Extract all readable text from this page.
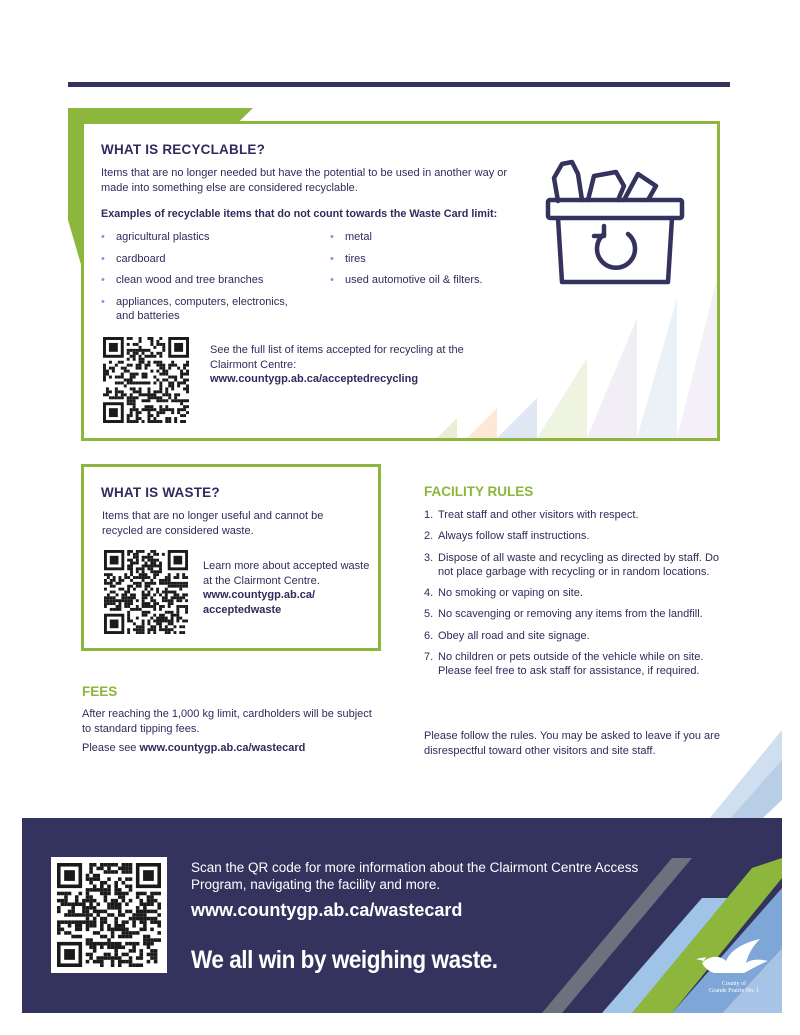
WHAT IS RECYCLABLE?
Items that are no longer needed but have the potential to be used in another way or made into something else are considered recyclable.
Examples of recyclable items that do not count towards the Waste Card limit:
• agricultural plastics
• cardboard
• clean wood and tree branches
• appliances, computers, electronics, and batteries
• metal
• tires
• used automotive oil & filters.
See the full list of items accepted for recycling at the Clairmont Centre:
www.countygp.ab.ca/acceptedrecycling
WHAT IS WASTE?
Items that are no longer useful and cannot be recycled are considered waste.
Learn more about accepted waste at the Clairmont Centre.
www.countygp.ab.ca/
acceptedwaste
FEES
After reaching the 1,000 kg limit, cardholders will be subject to standard tipping fees.
Please see www.countygp.ab.ca/wastecard
FACILITY RULES
1. Treat staff and other visitors with respect.
2. Always follow staff instructions.
3. Dispose of all waste and recycling as directed by staff. Do not place garbage with recycling or in random locations.
4. No smoking or vaping on site.
5. No scavenging or removing any items from the landfill.
6. Obey all road and site signage.
7. No children or pets outside of the vehicle while on site. Please feel free to ask staff for assistance, if required.
Please follow the rules. You may be asked to leave if you are disrespectful toward other visitors and site staff.
Scan the QR code for more information about the Clairmont Centre Access Program, navigating the facility and more.
www.countygp.ab.ca/wastecard
We all win by weighing waste.
County of
Grande Prairie No. 1
